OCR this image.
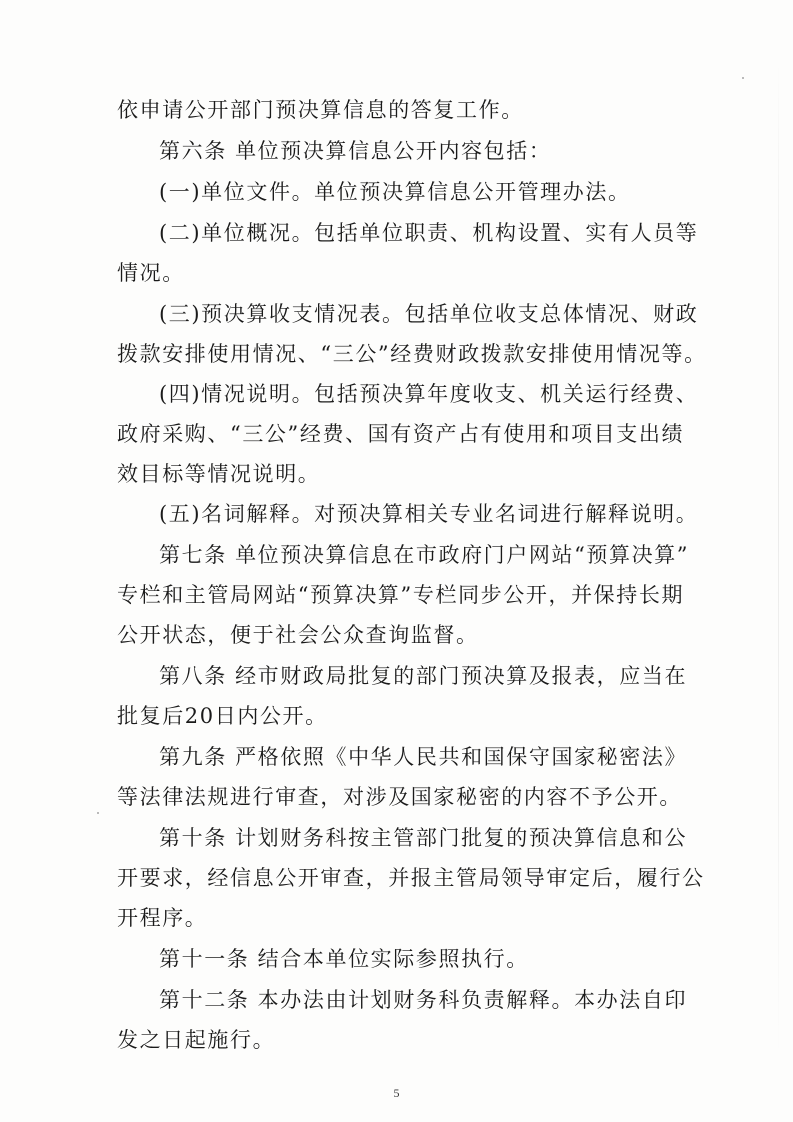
依申请公开部门预决算信息的答复工作。
第六条 单位预决算信息公开内容包括：
(一)单位文件。单位预决算信息公开管理办法。
(二)单位概况。包括单位职责、机构设置、实有人员等
情况。
(三)预决算收支情况表。包括单位收支总体情况、财政
拨款安排使用情况、“三公”经费财政拨款安排使用情况等。
(四)情况说明。包括预决算年度收支、机关运行经费、
政府采购、“三公”经费、国有资产占有使用和项目支出绩
效目标等情况说明。
(五)名词解释。对预决算相关专业名词进行解释说明。
第七条 单位预决算信息在市政府门户网站“预算决算”
专栏和主管局网站“预算决算”专栏同步公开，并保持长期
公开状态，便于社会公众查询监督。
第八条 经市财政局批复的部门预决算及报表，应当在
批复后20日内公开。
第九条 严格依照《中华人民共和国保守国家秘密法》
等法律法规进行审查，对涉及国家秘密的内容不予公开。
第十条 计划财务科按主管部门批复的预决算信息和公
开要求，经信息公开审查，并报主管局领导审定后，履行公
开程序。
第十一条 结合本单位实际参照执行。
第十二条 本办法由计划财务科负责解释。本办法自印
发之日起施行。
5
